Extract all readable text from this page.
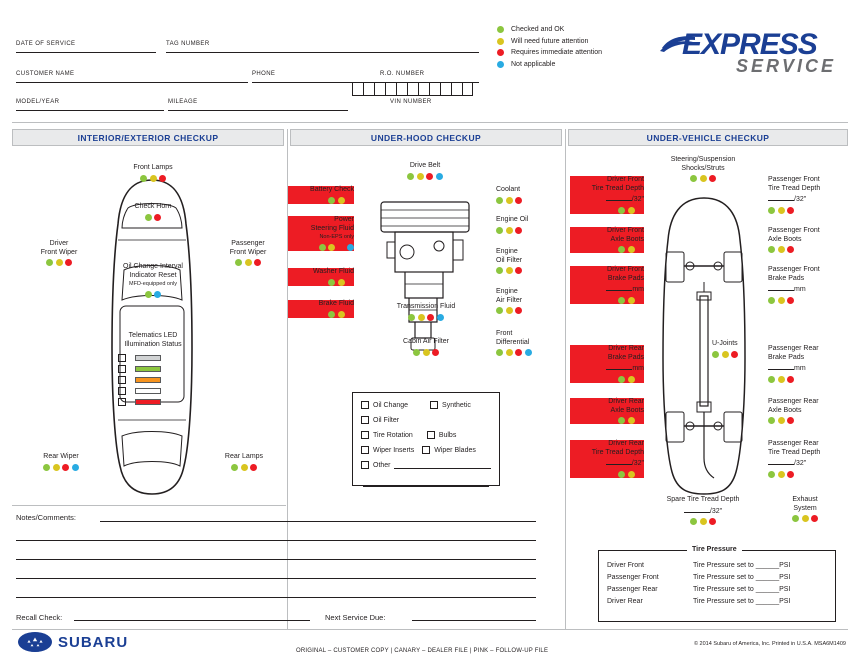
DATE OF SERVICE	TAG NUMBER
CUSTOMER NAME	PHONE	R.O. NUMBER
MODEL/YEAR	MILEAGE	VIN NUMBER
Checked and OK
Will need future attention
Requires immediate attention
Not applicable
EXPRESS
SERVICE
INTERIOR/EXTERIOR CHECKUP	UNDER-HOOD CHECKUP	UNDER-VEHICLE CHECKUP
Front Lamps
Check Horn
Driver
Front Wiper
Passenger
Front Wiper
Oil Change Interval
Indicator Reset
MFD-equipped only
Telematics LED
Illumination Status
Rear Wiper	Rear Lamps
Drive Belt
Battery Check
Power
Steering Fluid
Non-EPS only
Washer Fluid
Brake Fluid	Transmission Fluid
Cabin Air Filter
Coolant
Engine Oil
Engine
Oil Filter
Engine
Air Filter
Front
Differential
Oil Change	Synthetic
Oil Filter
Tire Rotation	Bulbs
Wiper Inserts	Wiper Blades
Other
Steering/Suspension
Shocks/Struts
Driver Front
Tire Tread Depth
/32"
Driver Front
Axle Boots
Driver Front
Brake Pads
mm
Driver Rear
Brake Pads
mm
Driver Rear
Axle Boots
Driver Rear
Tire Tread Depth
/32"
Passenger Front
Tire Tread Depth
/32"
Passenger Front
Axle Boots
Passenger Front
Brake Pads
mm
Passenger Rear
Brake Pads
mm
Passenger Rear
Axle Boots
Passenger Rear
Tire Tread Depth
/32"
U-Joints
Spare Tire Tread Depth
/32"
Exhaust
System
Tire Pressure
Driver Front	Tire Pressure set to ______PSI
Passenger Front	Tire Pressure set to ______PSI
Passenger Rear	Tire Pressure set to ______PSI
Driver Rear	Tire Pressure set to ______PSI
Notes/Comments:
Recall Check:	Next Service Due:
SUBARU
ORIGINAL – CUSTOMER COPY | CANARY – DEALER FILE | PINK – FOLLOW-UP FILE
© 2014 Subaru of America, Inc. Printed in U.S.A. MSA6M1409
